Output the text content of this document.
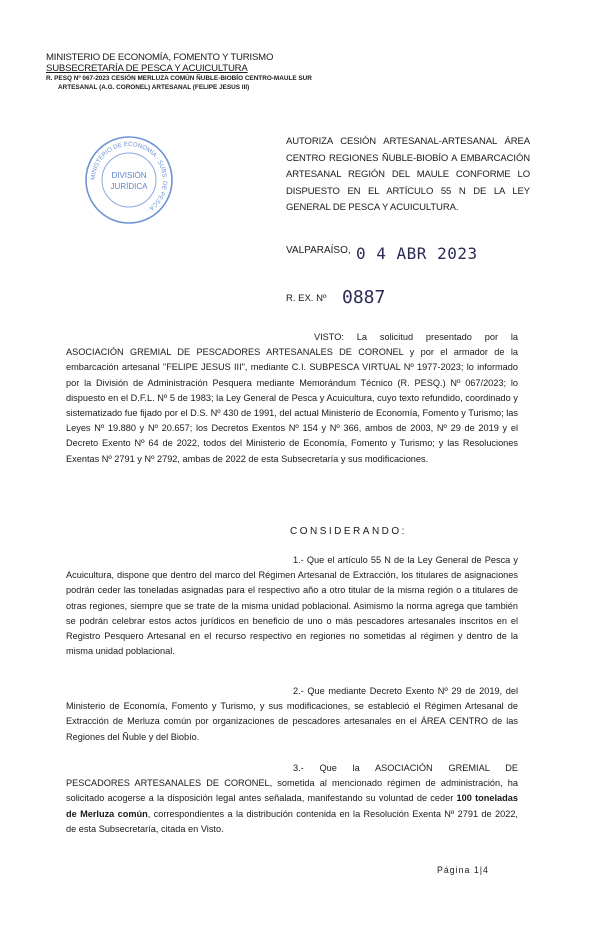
MINISTERIO DE ECONOMÍA, FOMENTO Y TURISMO
SUBSECRETARÍA DE PESCA Y ACUICULTURA
R. PESQ Nº 067-2023 CESIÓN MERLUZA COMÚN ÑUBLE-BIOBÍO CENTRO-MAULE SUR
ARTESANAL (A.G. CORONEL) ARTESANAL (FELIPE JESUS III)
MINISTERIO DE ECONOMÍA · SUBS. DE PESCA ·
DIVISIÓN
JURÍDICA
AUTORIZA CESIÓN ARTESANAL-ARTESANAL ÁREA CENTRO REGIONES ÑUBLE-BIOBÍO A EMBARCACIÓN ARTESANAL REGIÓN DEL MAULE CONFORME LO DISPUESTO EN EL ARTÍCULO 55 N DE LA LEY GENERAL DE PESCA Y ACUICULTURA.
VALPARAÍSO, 0 4 ABR 2023
R. EX. Nº 0887
VISTO: La solicitud presentado por la ASOCIACIÓN GREMIAL DE PESCADORES ARTESANALES DE CORONEL y por el armador de la embarcación artesanal "FELIPE JESUS III", mediante C.I. SUBPESCA VIRTUAL Nº 1977-2023; lo informado por la División de Administración Pesquera mediante Memorándum Técnico (R. PESQ.) Nº 067/2023; lo dispuesto en el D.F.L. Nº 5 de 1983; la Ley General de Pesca y Acuicultura, cuyo texto refundido, coordinado y sistematizado fue fijado por el D.S. Nº 430 de 1991, del actual Ministerio de Economía, Fomento y Turismo; las Leyes Nº 19.880 y Nº 20.657; los Decretos Exentos Nº 154 y Nº 366, ambos de 2003, Nº 29 de 2019 y el Decreto Exento Nº 64 de 2022, todos del Ministerio de Economía, Fomento y Turismo; y las Resoluciones Exentas Nº 2791 y Nº 2792, ambas de 2022 de esta Subsecretaría y sus modificaciones.
CONSIDERANDO:
1.- Que el artículo 55 N de la Ley General de Pesca y Acuicultura, dispone que dentro del marco del Régimen Artesanal de Extracción, los titulares de asignaciones podrán ceder las toneladas asignadas para el respectivo año a otro titular de la misma región o a titulares de otras regiones, siempre que se trate de la misma unidad poblacional. Asimismo la norma agrega que también se podrán celebrar estos actos jurídicos en beneficio de uno o más pescadores artesanales inscritos en el Registro Pesquero Artesanal en el recurso respectivo en regiones no sometidas al régimen y dentro de la misma unidad poblacional.
2.- Que mediante Decreto Exento Nº 29 de 2019, del Ministerio de Economía, Fomento y Turismo, y sus modificaciones, se estableció el Régimen Artesanal de Extracción de Merluza común por organizaciones de pescadores artesanales en el ÁREA CENTRO de las Regiones del Ñuble y del Biobío.
3.- Que la ASOCIACIÓN GREMIAL DE PESCADORES ARTESANALES DE CORONEL, sometida al mencionado régimen de administración, ha solicitado acogerse a la disposición legal antes señalada, manifestando su voluntad de ceder 100 toneladas de Merluza común, correspondientes a la distribución contenida en la Resolución Exenta Nº 2791 de 2022, de esta Subsecretaría, citada en Visto.
Página 1|4
